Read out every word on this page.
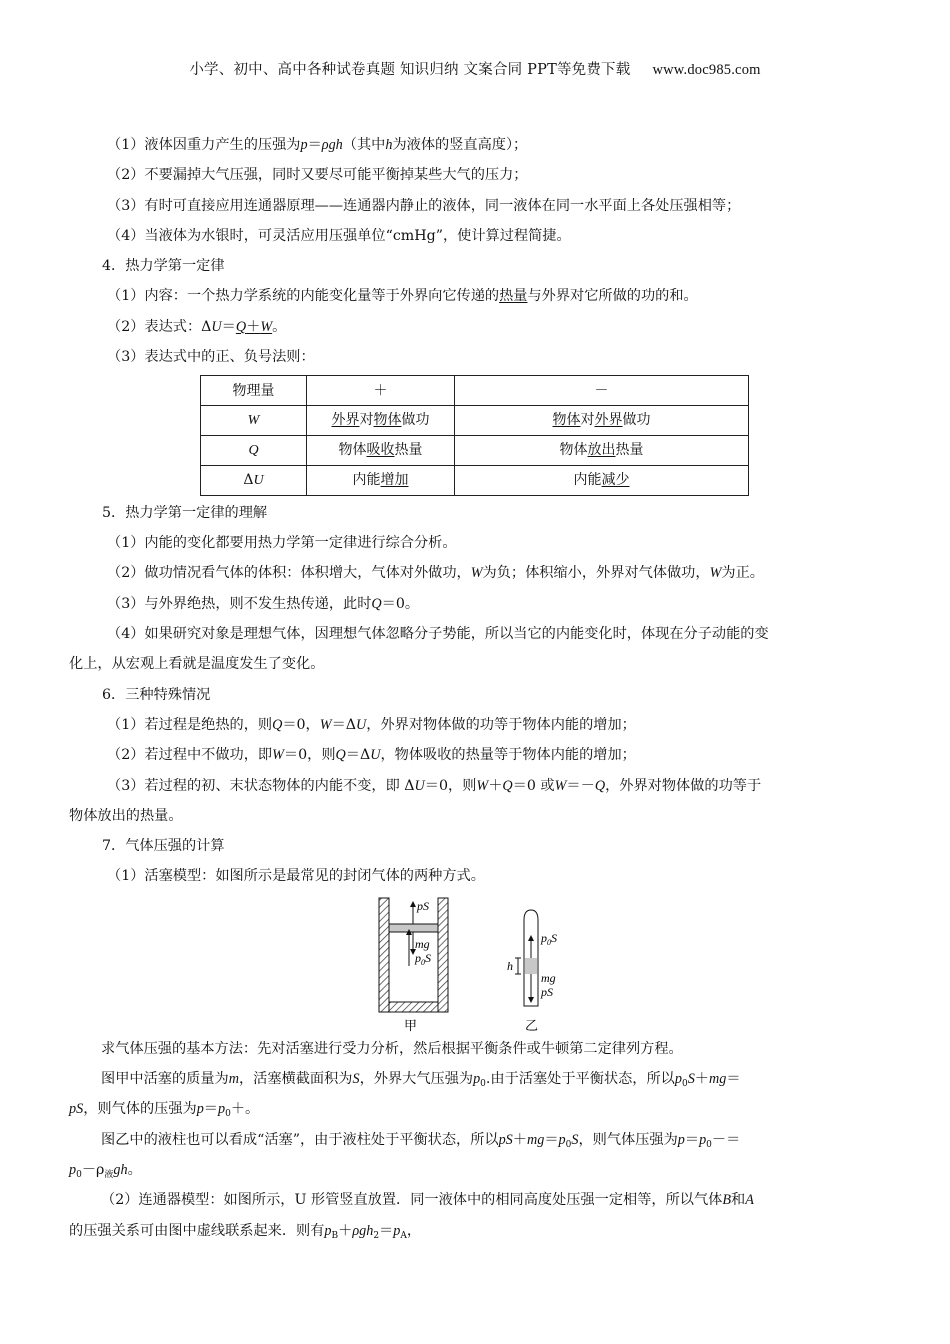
小学、初中、高中各种试卷真题 知识归纳 文案合同 PPT等免费下载 www.doc985.com
（1）液体因重力产生的压强为p＝ρgh（其中h为液体的竖直高度）；
（2）不要漏掉大气压强，同时又要尽可能平衡掉某些大气的压力；
（3）有时可直接应用连通器原理——连通器内静止的液体，同一液体在同一水平面上各处压强相等；
（4）当液体为水银时，可灵活应用压强单位“cmHg”，使计算过程简捷。
4．热力学第一定律
（1）内容：一个热力学系统的内能变化量等于外界向它传递的热量与外界对它所做的功的和。
（2）表达式：ΔU＝Q＋W。
（3）表达式中的正、负号法则：
物理量	＋	－
W	外界对物体做功	物体对外界做功
Q	物体吸收热量	物体放出热量
ΔU	内能增加	内能减少
5．热力学第一定律的理解
（1）内能的变化都要用热力学第一定律进行综合分析。
（2）做功情况看气体的体积：体积增大，气体对外做功，W为负；体积缩小，外界对气体做功，W为正。
（3）与外界绝热，则不发生热传递，此时Q＝0。
（4）如果研究对象是理想气体，因理想气体忽略分子势能，所以当它的内能变化时，体现在分子动能的变
化上，从宏观上看就是温度发生了变化。
6．三种特殊情况
（1）若过程是绝热的，则Q＝0，W＝ΔU，外界对物体做的功等于物体内能的增加；
（2）若过程中不做功，即W＝0，则Q＝ΔU，物体吸收的热量等于物体内能的增加；
（3）若过程的初、末状态物体的内能不变，即 ΔU＝0，则W＋Q＝0 或W＝－Q，外界对物体做的功等于
物体放出的热量。
7．气体压强的计算
（1）活塞模型：如图所示是最常见的封闭气体的两种方式。
pS
mg
$p_0S$
甲
$p_0S$
h
mg
pS
乙
求气体压强的基本方法：先对活塞进行受力分析，然后根据平衡条件或牛顿第二定律列方程。
图甲中活塞的质量为m，活塞横截面积为S，外界大气压强为$p_0$.由于活塞处于平衡状态，所以$p_0S+mg=$
pS，则气体的压强为$p=p_0+$。
图乙中的液柱也可以看成“活塞”，由于液柱处于平衡状态，所以$pS+mg=p_0S$，则气体压强为$p=p_0-=$
$p_0-\rho_液gh$。
（2）连通器模型：如图所示，U 形管竖直放置．同一液体中的相同高度处压强一定相等，所以气体B和A
的压强关系可由图中虚线联系起来．则有$p_B+\rho gh_2=p_A$，
